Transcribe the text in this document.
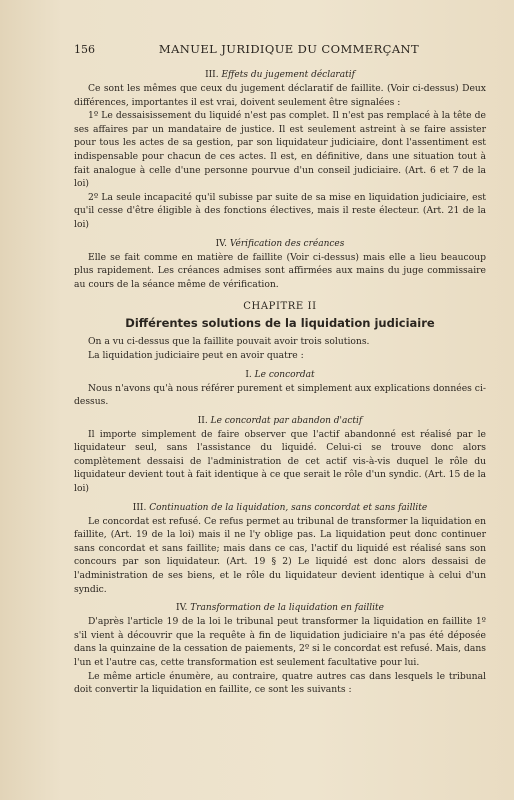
156	MANUEL JURIDIQUE DU COMMERÇANT
III. Effets du jugement déclaratif

Ce sont les mêmes que ceux du jugement déclaratif de faillite. (Voir ci-dessus) Deux différences, importantes il est vrai, doivent seulement être signalées :

1º Le dessaisissement du liquidé n'est pas complet. Il n'est pas remplacé à la tête de ses affaires par un mandataire de justice. Il est seulement astreint à se faire assister pour tous les actes de sa gestion, par son liquidateur judiciaire, dont l'assentiment est indispensable pour chacun de ces actes. Il est, en définitive, dans une situation tout à fait analogue à celle d'une personne pourvue d'un conseil judiciaire. (Art. 6 et 7 de la loi)

2º La seule incapacité qu'il subisse par suite de sa mise en liquidation judiciaire, est qu'il cesse d'être éligible à des fonctions électives, mais il reste électeur. (Art. 21 de la loi)

IV. Vérification des créances

Elle se fait comme en matière de faillite (Voir ci-dessus) mais elle a lieu beaucoup plus rapidement. Les créances admises sont affirmées aux mains du juge commissaire au cours de la séance même de vérification.

CHAPITRE II
Différentes solutions de la liquidation judiciaire

On a vu ci-dessus que la faillite pouvait avoir trois solutions.

La liquidation judiciaire peut en avoir quatre :

I. Le concordat

Nous n'avons qu'à nous référer purement et simplement aux explications données ci-dessus.

II. Le concordat par abandon d'actif

Il importe simplement de faire observer que l'actif abandonné est réalisé par le liquidateur seul, sans l'assistance du liquidé. Celui-ci se trouve donc alors complètement dessaisi de l'administration de cet actif vis-à-vis duquel le rôle du liquidateur devient tout à fait identique à ce que serait le rôle d'un syndic. (Art. 15 de la loi)

III. Continuation de la liquidation, sans concordat et sans faillite

Le concordat est refusé. Ce refus permet au tribunal de transformer la liquidation en faillite, (Art. 19 de la loi) mais il ne l'y oblige pas. La liquidation peut donc continuer sans concordat et sans faillite; mais dans ce cas, l'actif du liquidé est réalisé sans son concours par son liquidateur. (Art. 19 § 2) Le liquidé est donc alors dessaisi de l'administration de ses biens, et le rôle du liquidateur devient identique à celui d'un syndic.

IV. Transformation de la liquidation en faillite

D'après l'article 19 de la loi le tribunal peut transformer la liquidation en faillite 1º s'il vient à découvrir que la requête à fin de liquidation judiciaire n'a pas été déposée dans la quinzaine de la cessation de paiements, 2º si le concordat est refusé. Mais, dans l'un et l'autre cas, cette transformation est seulement facultative pour lui.

Le même article énumère, au contraire, quatre autres cas dans lesquels le tribunal doit convertir la liquidation en faillite, ce sont les suivants :
